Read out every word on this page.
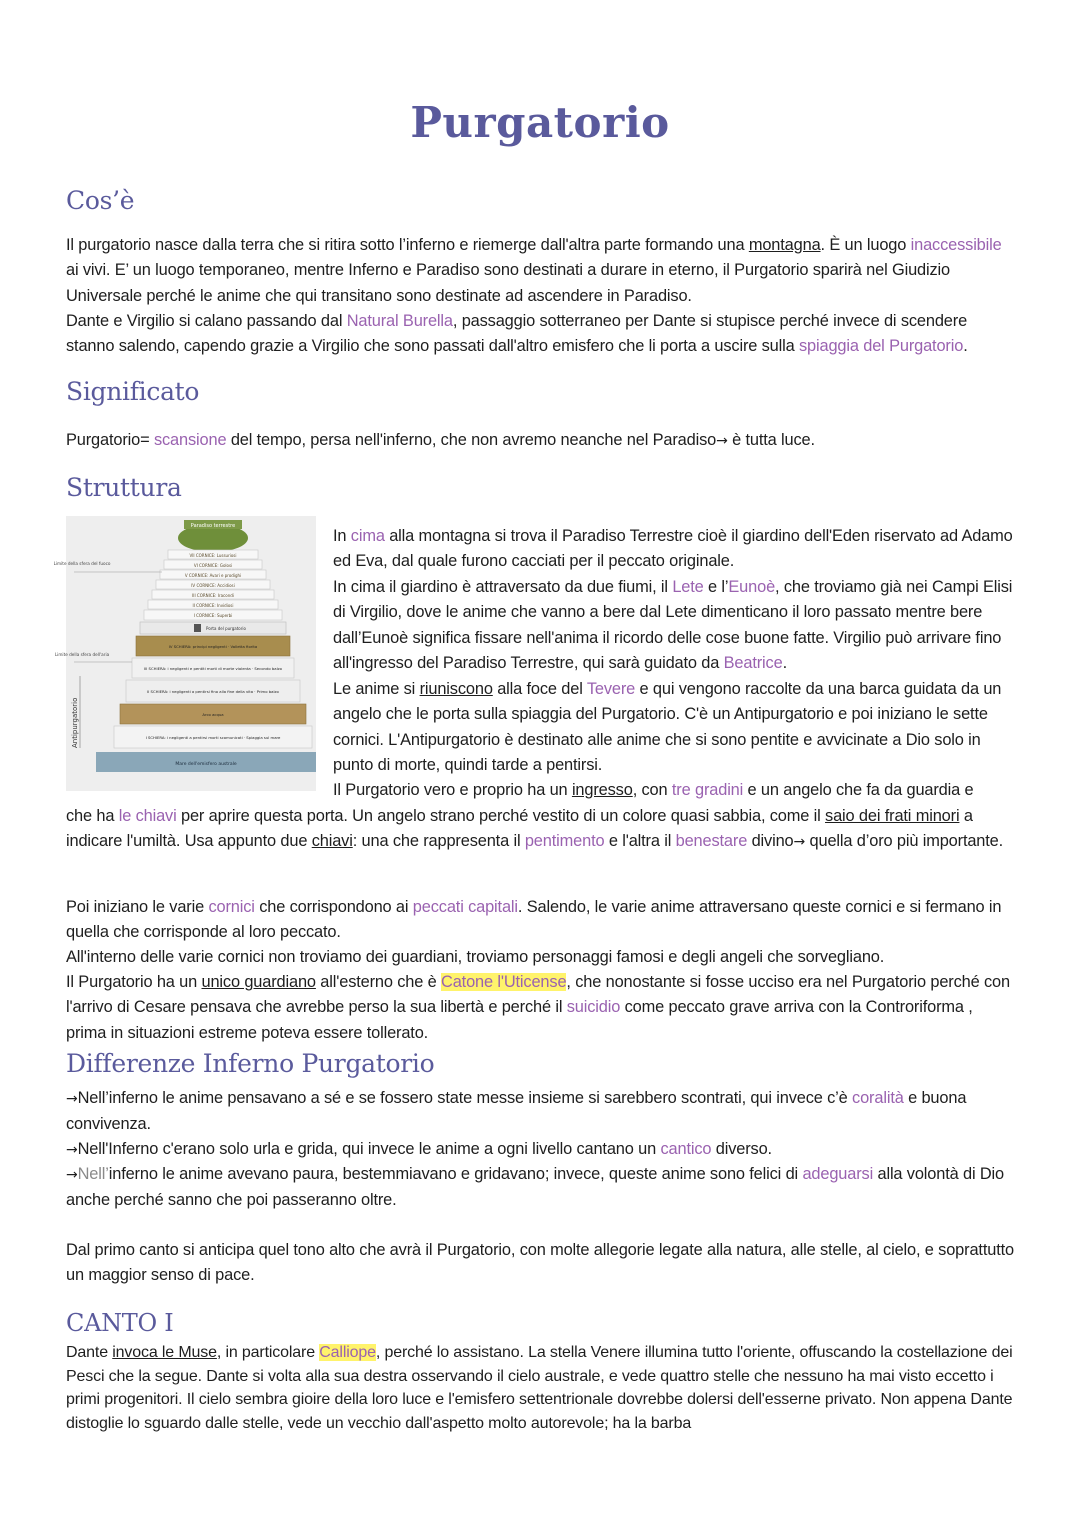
Purgatorio
Cos’è

Il purgatorio nasce dalla terra che si ritira sotto l’inferno e riemerge dall'altra parte formando una montagna. È un luogo inaccessibile ai vivi. E’ un luogo temporaneo, mentre Inferno e Paradiso sono destinati a durare in eterno, il Purgatorio sparirà nel Giudizio Universale perché le anime che qui transitano sono destinate ad ascendere in Paradiso.

Dante e Virgilio si calano passando dal Natural Burella, passaggio sotterraneo per Dante si stupisce perché invece di scendere stanno salendo, capendo grazie a Virgilio che sono passati dall'altro emisfero che li porta a uscire sulla spiaggia del Purgatorio.

Significato

Purgatorio= scansione del tempo, persa nell'inferno, che non avremo neanche nel Paradiso→ è tutta luce.

Struttura
Paradiso terrestre
VII CORNICE: Lussuriosi
VI CORNICE: Golosi
V CORNICE: Avari e prodighi
IV CORNICE: Accidiosi
III CORNICE: Iracondi
II CORNICE: Invidiosi
I CORNICE: Superbi
Porta del purgatorio
IV SCHIERA: principi negligenti · Valletta fiorita
III SCHIERA: i negligenti e pentiti morti di morte violenta · Secondo balzo
II SCHIERA: i negligenti a pentirsi fino alla fine della vita · Primo balzo
Arco acqua
I SCHIERA: i negligenti a pentirsi morti scomunicati · Spiaggia sul mare
Mare dell'emisfero australe
Limite della sfera del fuoco
Limite della sfera dell'aria
Antipurgatorio

In cima alla montagna si trova il Paradiso Terrestre cioè il giardino dell'Eden riservato ad Adamo ed Eva, dal quale furono cacciati per il peccato originale.

In cima il giardino è attraversato da due fiumi, il Lete e l’Eunoè, che troviamo già nei Campi Elisi di Virgilio, dove le anime che vanno a bere dal Lete dimenticano il loro passato mentre bere dall’Eunoè significa fissare nell'anima il ricordo delle cose buone fatte. Virgilio può arrivare fino all'ingresso del Paradiso Terrestre, qui sarà guidato da Beatrice.

Le anime si riuniscono alla foce del Tevere e qui vengono raccolte da una barca guidata da un angelo che le porta sulla spiaggia del Purgatorio. C'è un Antipurgatorio e poi iniziano le sette cornici. L'Antipurgatorio è destinato alle anime che si sono pentite e avvicinate a Dio solo in punto di morte, quindi tarde a pentirsi.

Il Purgatorio vero e proprio ha un ingresso, con tre gradini e un angelo che fa da guardia e

che ha le chiavi per aprire questa porta. Un angelo strano perché vestito di un colore quasi sabbia, come il saio dei frati minori a indicare l'umiltà. Usa appunto due chiavi: una che rappresenta il pentimento e l'altra il benestare divino→ quella d’oro più importante.

Poi iniziano le varie cornici che corrispondono ai peccati capitali. Salendo, le varie anime attraversano queste cornici e si fermano in quella che corrisponde al loro peccato.

All'interno delle varie cornici non troviamo dei guardiani, troviamo personaggi famosi e degli angeli che sorvegliano.

Il Purgatorio ha un unico guardiano all'esterno che è Catone l'Uticense, che nonostante si fosse ucciso era nel Purgatorio perché con l'arrivo di Cesare pensava che avrebbe perso la sua libertà e perché il suicidio come peccato grave arriva con la Controriforma , prima in situazioni estreme poteva essere tollerato.

Differenze Inferno Purgatorio

→Nell’inferno le anime pensavano a sé e se fossero state messe insieme si sarebbero scontrati, qui invece c’è coralità e buona convivenza.

→Nell'Inferno c'erano solo urla e grida, qui invece le anime a ogni livello cantano un cantico diverso.

→Nell’inferno le anime avevano paura, bestemmiavano e gridavano; invece, queste anime sono felici di adeguarsi alla volontà di Dio anche perché sanno che poi passeranno oltre.

Dal primo canto si anticipa quel tono alto che avrà il Purgatorio, con molte allegorie legate alla natura, alle stelle, al cielo, e soprattutto un maggior senso di pace.

CANTO I

Dante invoca le Muse, in particolare Calliope, perché lo assistano. La stella Venere illumina tutto l'oriente, offuscando la costellazione dei Pesci che la segue. Dante si volta alla sua destra osservando il cielo australe, e vede quattro stelle che nessuno ha mai visto eccetto i primi progenitori. Il cielo sembra gioire della loro luce e l'emisfero settentrionale dovrebbe dolersi dell'esserne privato. Non appena Dante distoglie lo sguardo dalle stelle, vede un vecchio dall'aspetto molto autorevole; ha la barba
